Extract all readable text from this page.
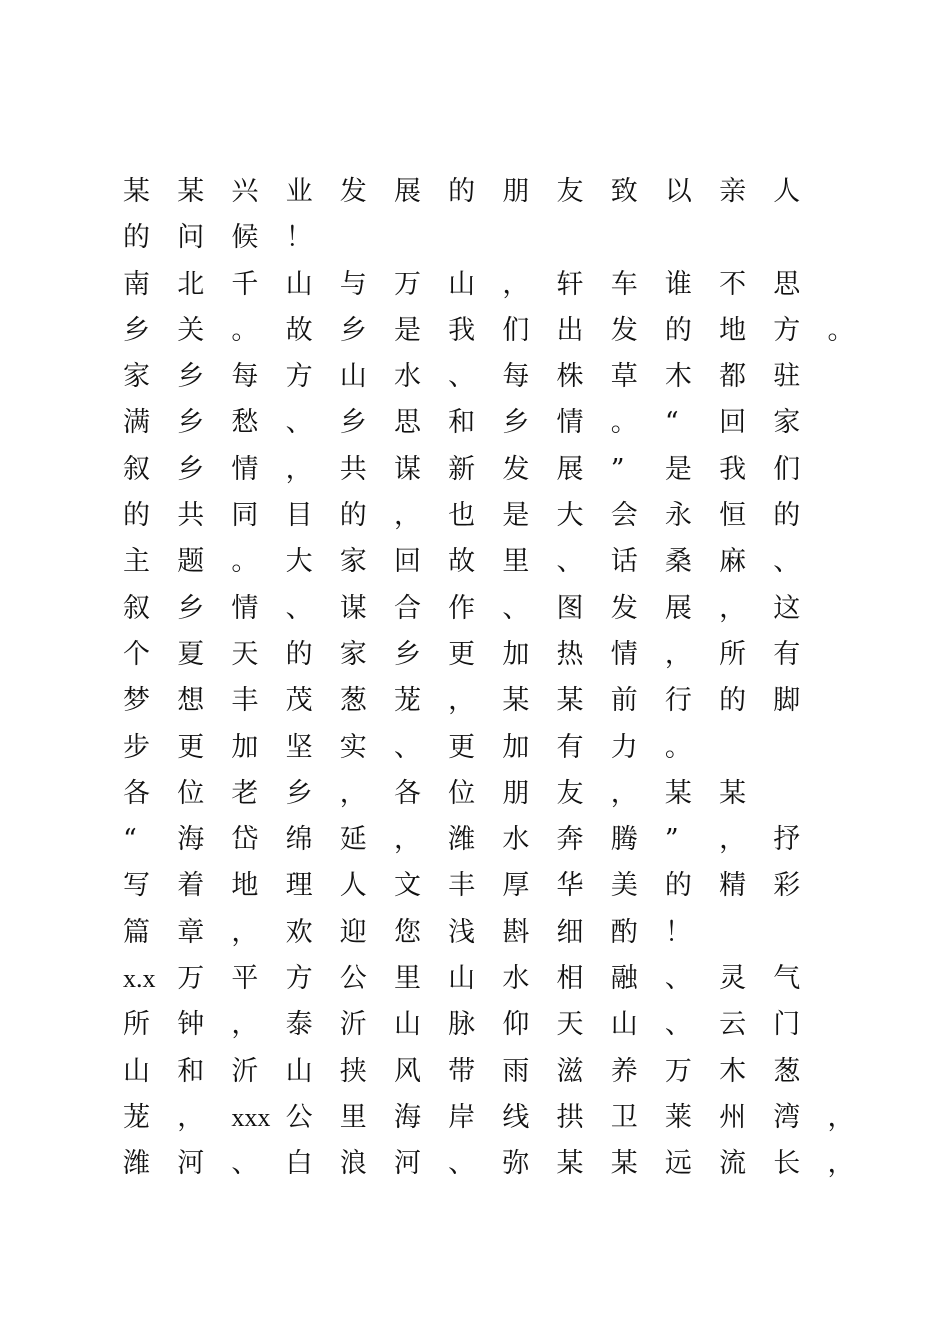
某 某 兴 业 发 展 的 朋 友 致 以 亲 人
的 问 候 ！
南 北 千 山 与 万 山 ， 轩 车 谁 不 思
乡 关 。 故 乡 是 我 们 出 发 的 地 方 。
家 乡 每 方 山 水 、 每 株 草 木 都 驻
满 乡 愁 、 乡 思 和 乡 情 。 “ 回 家
叙 乡 情 ， 共 谋 新 发 展 ” 是 我 们
的 共 同 目 的 ， 也 是 大 会 永 恒 的
主 题 。 大 家 回 故 里 、 话 桑 麻 、
叙 乡 情 、 谋 合 作 、 图 发 展 ， 这
个 夏 天 的 家 乡 更 加 热 情 ， 所 有
梦 想 丰 茂 葱 茏 ， 某 某 前 行 的 脚
步 更 加 坚 实 、 更 加 有 力 。
各 位 老 乡 ， 各 位 朋 友 ， 某 某
“ 海 岱 绵 延 ， 潍 水 奔 腾 ” ， 抒
写 着 地 理 人 文 丰 厚 华 美 的 精 彩
篇 章 ， 欢 迎 您 浅 斟 细 酌 ！
x.x 万 平 方 公 里 山 水 相 融 、 灵 气
所 钟 ， 泰 沂 山 脉 仰 天 山 、 云 门
山 和 沂 山 挟 风 带 雨 滋 养 万 木 葱
茏 ， xxx 公 里 海 岸 线 拱 卫 莱 州 湾 ，
潍 河 、 白 浪 河 、 弥 某 某 远 流 长 ，
